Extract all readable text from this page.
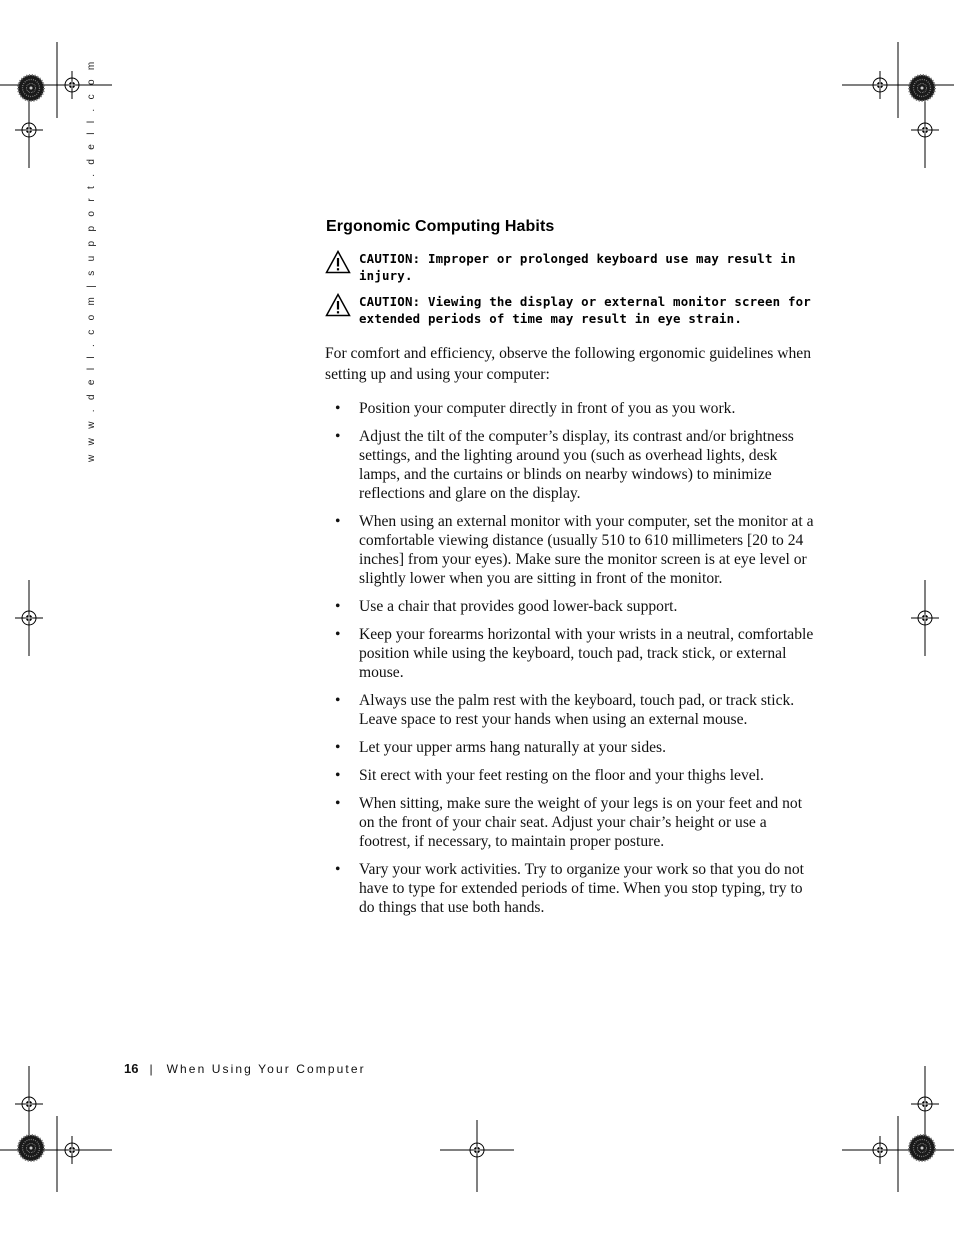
w w w . d e l l . c o m | s u p p o r t . d e l l . c o m	Ergonomic Computing Habits
CAUTION: Improper or prolonged keyboard use may result in injury.
CAUTION: Viewing the display or external monitor screen for extended periods of time may result in eye strain.

For comfort and efficiency, observe the following ergonomic guidelines when setting up and using your computer:

• Position your computer directly in front of you as you work.
• Adjust the tilt of the computer’s display, its contrast and/or brightness settings, and the lighting around you (such as overhead lights, desk lamps, and the curtains or blinds on nearby windows) to minimize reflections and glare on the display.
• When using an external monitor with your computer, set the monitor at a comfortable viewing distance (usually 510 to 610 millimeters [20 to 24 inches] from your eyes). Make sure the monitor screen is at eye level or slightly lower when you are sitting in front of the monitor.
• Use a chair that provides good lower-back support.
• Keep your forearms horizontal with your wrists in a neutral, comfortable position while using the keyboard, touch pad, track stick, or external mouse.
• Always use the palm rest with the keyboard, touch pad, or track stick. Leave space to rest your hands when using an external mouse.
• Let your upper arms hang naturally at your sides.
• Sit erect with your feet resting on the floor and your thighs level.
• When sitting, make sure the weight of your legs is on your feet and not on the front of your chair seat. Adjust your chair’s height or use a footrest, if necessary, to maintain proper posture.
• Vary your work activities. Try to organize your work so that you do not have to type for extended periods of time. When you stop typing, try to do things that use both hands.
16 | When Using Your Computer
